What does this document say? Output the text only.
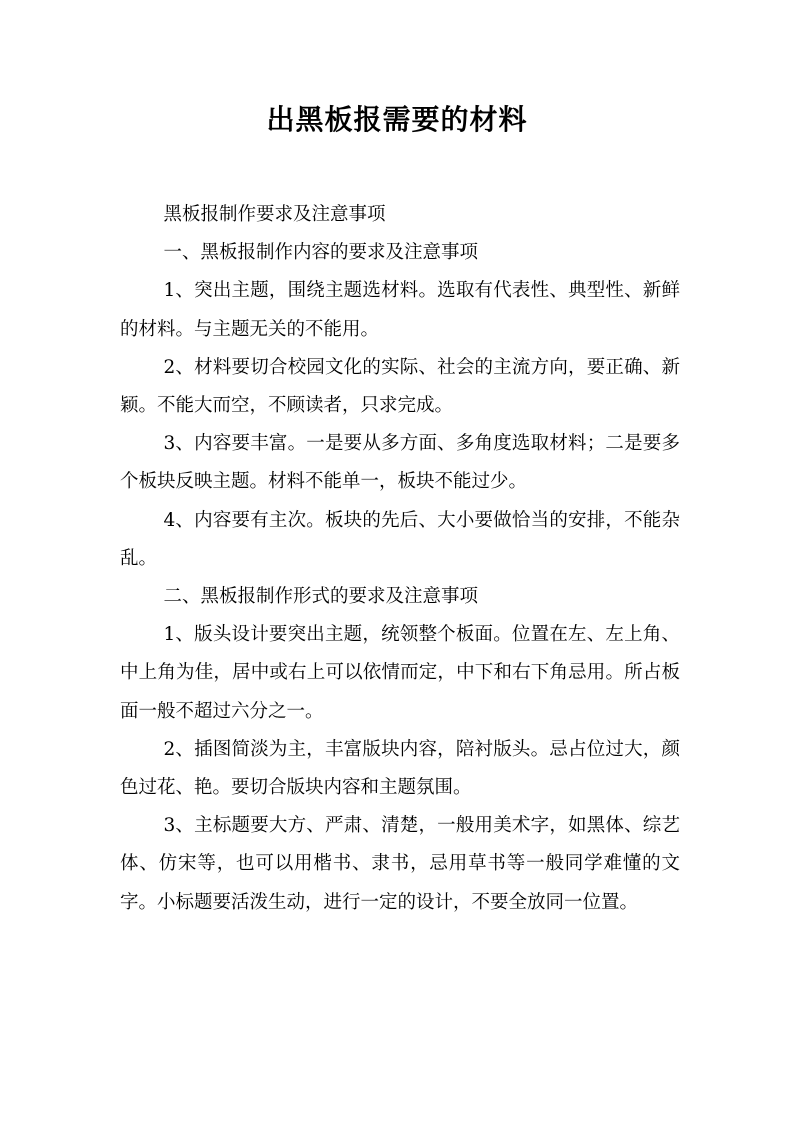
出黑板报需要的材料

黑板报制作要求及注意事项

一、黑板报制作内容的要求及注意事项

1、突出主题，围绕主题选材料。选取有代表性、典型性、新鲜的材料。与主题无关的不能用。

2、材料要切合校园文化的实际、社会的主流方向，要正确、新颖。不能大而空，不顾读者，只求完成。

3、内容要丰富。一是要从多方面、多角度选取材料；二是要多个板块反映主题。材料不能单一，板块不能过少。

4、内容要有主次。板块的先后、大小要做恰当的安排，不能杂乱。

二、黑板报制作形式的要求及注意事项

1、版头设计要突出主题，统领整个板面。位置在左、左上角、中上角为佳，居中或右上可以依情而定，中下和右下角忌用。所占板面一般不超过六分之一。

2、插图简淡为主，丰富版块内容，陪衬版头。忌占位过大，颜色过花、艳。要切合版块内容和主题氛围。

3、主标题要大方、严肃、清楚，一般用美术字，如黑体、综艺体、仿宋等，也可以用楷书、隶书，忌用草书等一般同学难懂的文字。小标题要活泼生动，进行一定的设计，不要全放同一位置。
